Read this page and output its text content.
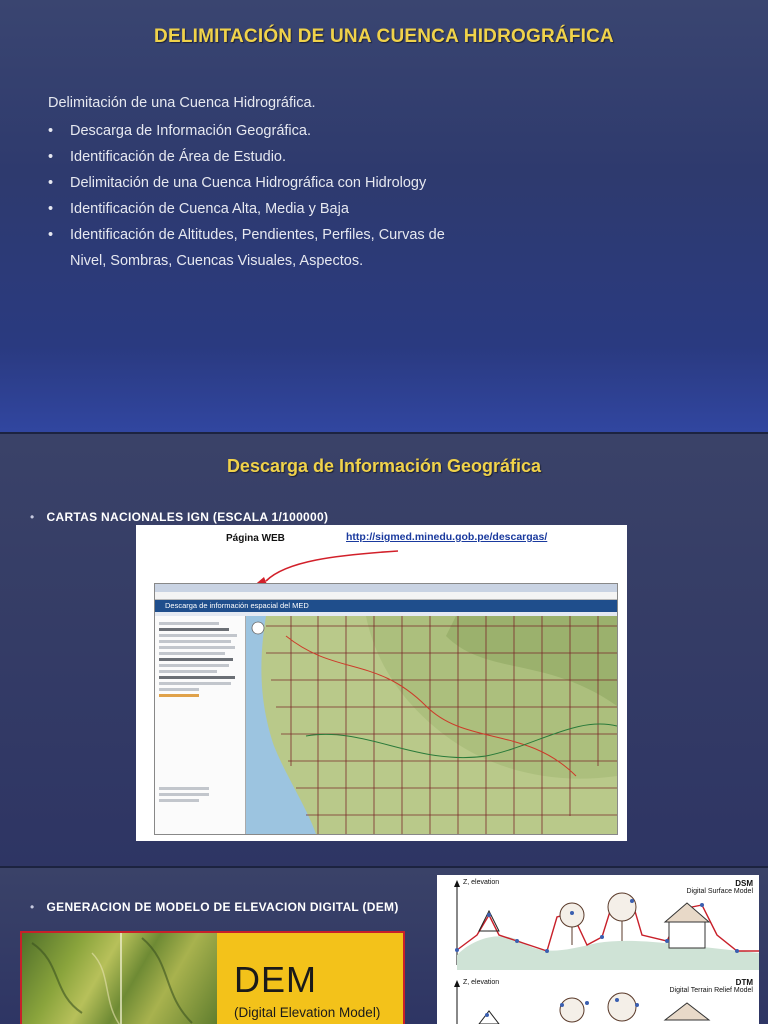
DELIMITACIÓN DE UNA CUENCA HIDROGRÁFICA
Delimitación de una Cuenca Hidrográfica.
• Descarga de Información Geográfica.
• Identificación de Área de Estudio.
• Delimitación de una Cuenca Hidrográfica con Hidrology
• Identificación de Cuenca Alta, Media y Baja
• Identificación de Altitudes, Pendientes, Perfiles, Curvas de Nivel, Sombras, Cuencas Visuales, Aspectos.
Descarga de Información Geográfica
• CARTAS NACIONALES IGN (ESCALA 1/100000)
Página WEB	http://sigmed.minedu.gob.pe/descargas/
Descarga de información espacial del MED
• GENERACION DE MODELO DE ELEVACION DIGITAL (DEM)
DEM
(Digital Elevation Model)
Z, elevation	DSM
Digital Surface Model
Z, elevation	DTM
Digital Terrain Relief Model
